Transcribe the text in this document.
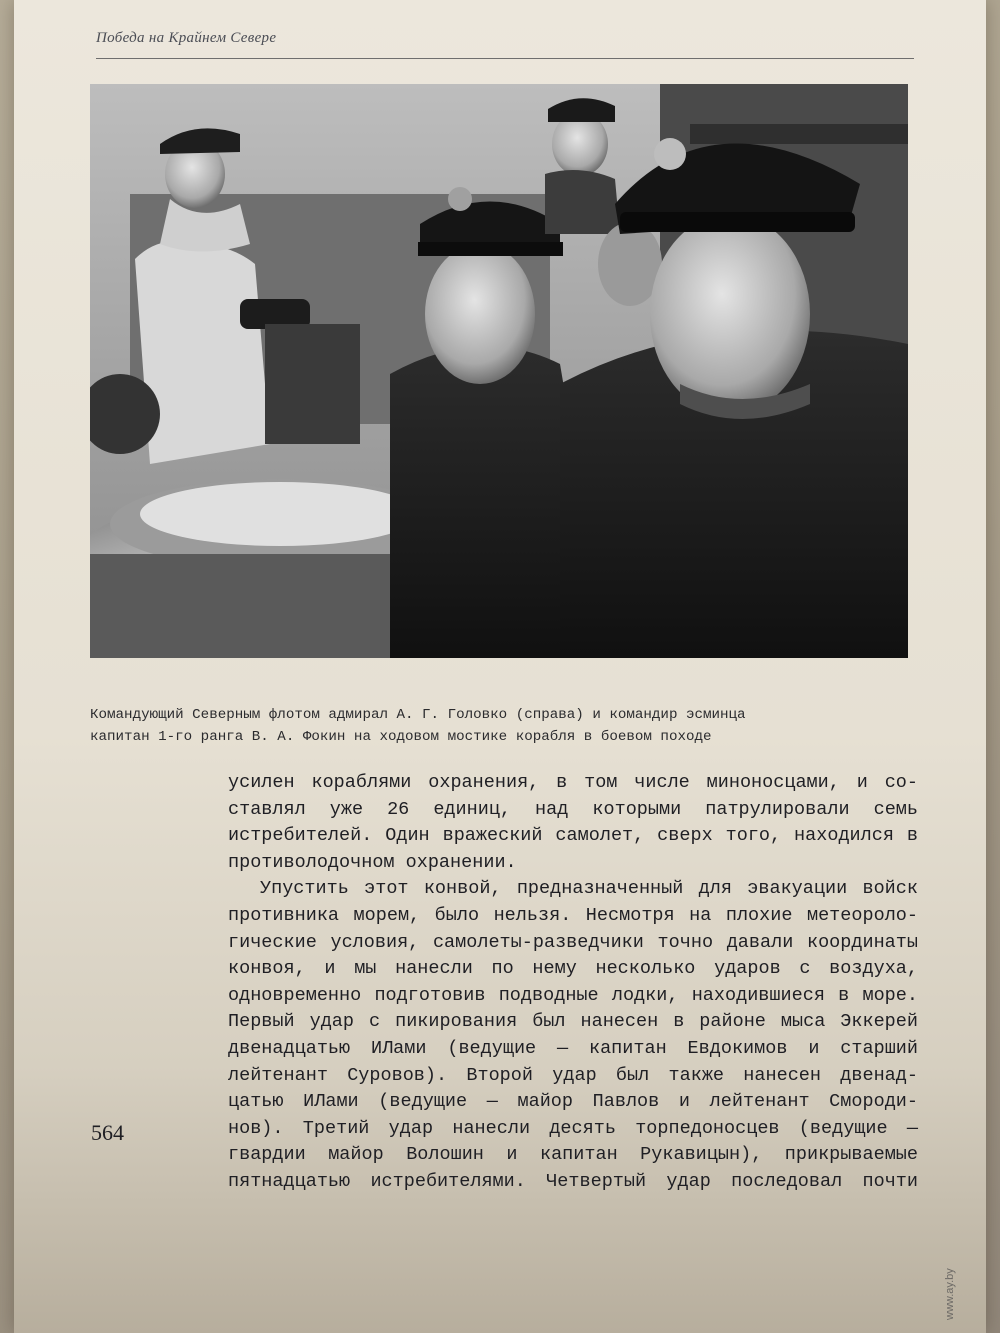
Победа на Крайнем Севере
Командующий Северным флотом адмирал А. Г. Головко (справа) и командир эсминца
капитан 1-го ранга В. А. Фокин на ходовом мостике корабля в боевом походе
усилен кораблями охранения, в том числе миноносцами, и со-
ставлял уже 26 единиц, над которыми патрулировали семь
истребителей. Один вражеский самолет, сверх того, находился в
противолодочном охранении.
Упустить этот конвой, предназначенный для эвакуации войск
противника морем, было нельзя. Несмотря на плохие метеороло-
гические условия, самолеты-разведчики точно давали координаты
конвоя, и мы нанесли по нему несколько ударов с воздуха,
одновременно подготовив подводные лодки, находившиеся в море.
Первый удар с пикирования был нанесен в районе мыса Эккерей
двенадцатью ИЛами (ведущие — капитан Евдокимов и старший
лейтенант Суровов). Второй удар был также нанесен двенад-
цатью ИЛами (ведущие — майор Павлов и лейтенант Смороди-
нов). Третий удар нанесли десять торпедоносцев (ведущие —
гвардии майор Волошин и капитан Рукавицын), прикрываемые
пятнадцатью истребителями. Четвертый удар последовал почти
564
www.ay.by
